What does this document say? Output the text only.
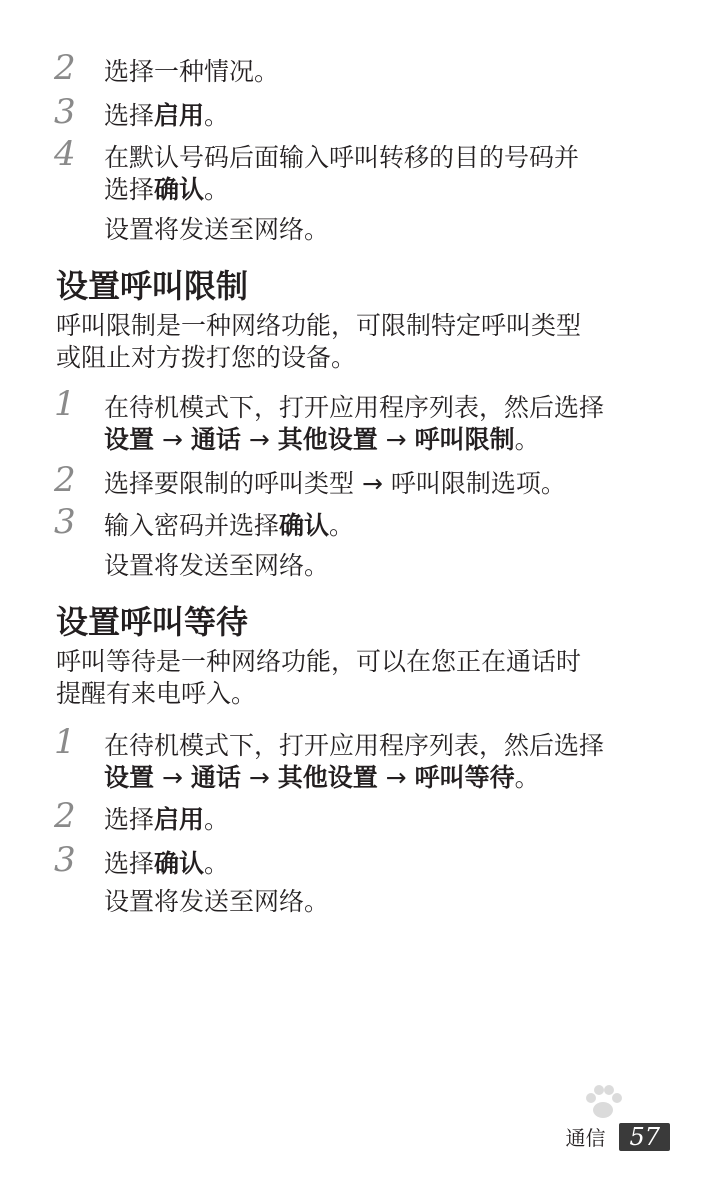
2 选择一种情况。
3 选择启用。
4 在默认号码后面输入呼叫转移的目的号码并
选择确认。
设置将发送至网络。
设置呼叫限制
呼叫限制是一种网络功能，可限制特定呼叫类型
或阻止对方拨打您的设备。
1 在待机模式下，打开应用程序列表，然后选择
设置 → 通话 → 其他设置 → 呼叫限制。
2 选择要限制的呼叫类型 → 呼叫限制选项。
3 输入密码并选择确认。
设置将发送至网络。
设置呼叫等待
呼叫等待是一种网络功能，可以在您正在通话时
提醒有来电呼入。
1 在待机模式下，打开应用程序列表，然后选择
设置 → 通话 → 其他设置 → 呼叫等待。
2 选择启用。
3 选择确认。
设置将发送至网络。
通信	57
